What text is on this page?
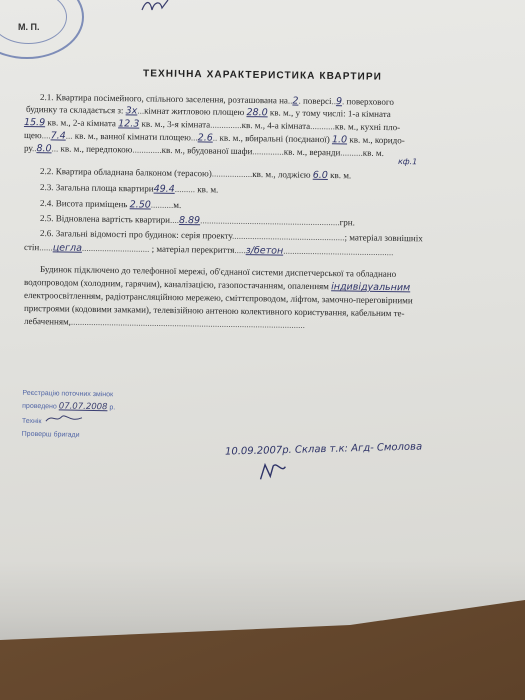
М. П.
ТЕХНІЧНА ХАРАКТЕРИСТИКА КВАРТИРИ
2.1. Квартира посімейного, спільного заселення, розташована на..2. поверсі..9. поверхового
будинку та складається з: 3х...кімнат житловою площею 28.0 кв. м., у тому числі: 1-а кімната
15.9 кв. м., 2-а кімната 12.3 кв. м., 3-я кімната..............кв. м., 4-а кімната...........кв. м., кухні пло-
щею....7.4... кв. м., ванної кімнати площею...2.6.. кв. м., вбиральні (поєднаної) 1.0 кв. м., коридо-
ру..8.0... кв. м., передпокою.............кв. м., вбудованої шафи..............кв. м., веранди..........кв. м.
2.2. Квартира обладнана балконом (терасою)..................кв. м., лоджією 6.0 кв. м.
кф.1
2.3. Загальна площа квартири49.4......... кв. м.
2.4. Висота приміщень 2.50..........м.
2.5. Відновлена вартість квартири....8.89..............................................................грн.
2.6. Загальні відомості про будинок: серія проекту..................................................; матеріал зовнішніх
стін......цегла.............................. ; матеріал перекриття.....з/бетон.................................................
Будинок підключено до телефонної мережі, об'єднаної системи диспетчерської та обладнано
водопроводом (холодним, гарячим), каналізацією, газопостачанням, опаленням індивідуальним
електроосвітленням, радіотрансляційною мережею, сміттєпроводом, ліфтом, замочно-переговірними
пристроями (кодовими замками), телевізійною антеною колективного користування, кабельним те-
лебаченням,........................................................................................................
Реєстрацію поточних змінок
проведено 07.07.2008 р.
Технік
Проверш бригади
10.09.2007р. Склав т.к: Агд- Смолова
